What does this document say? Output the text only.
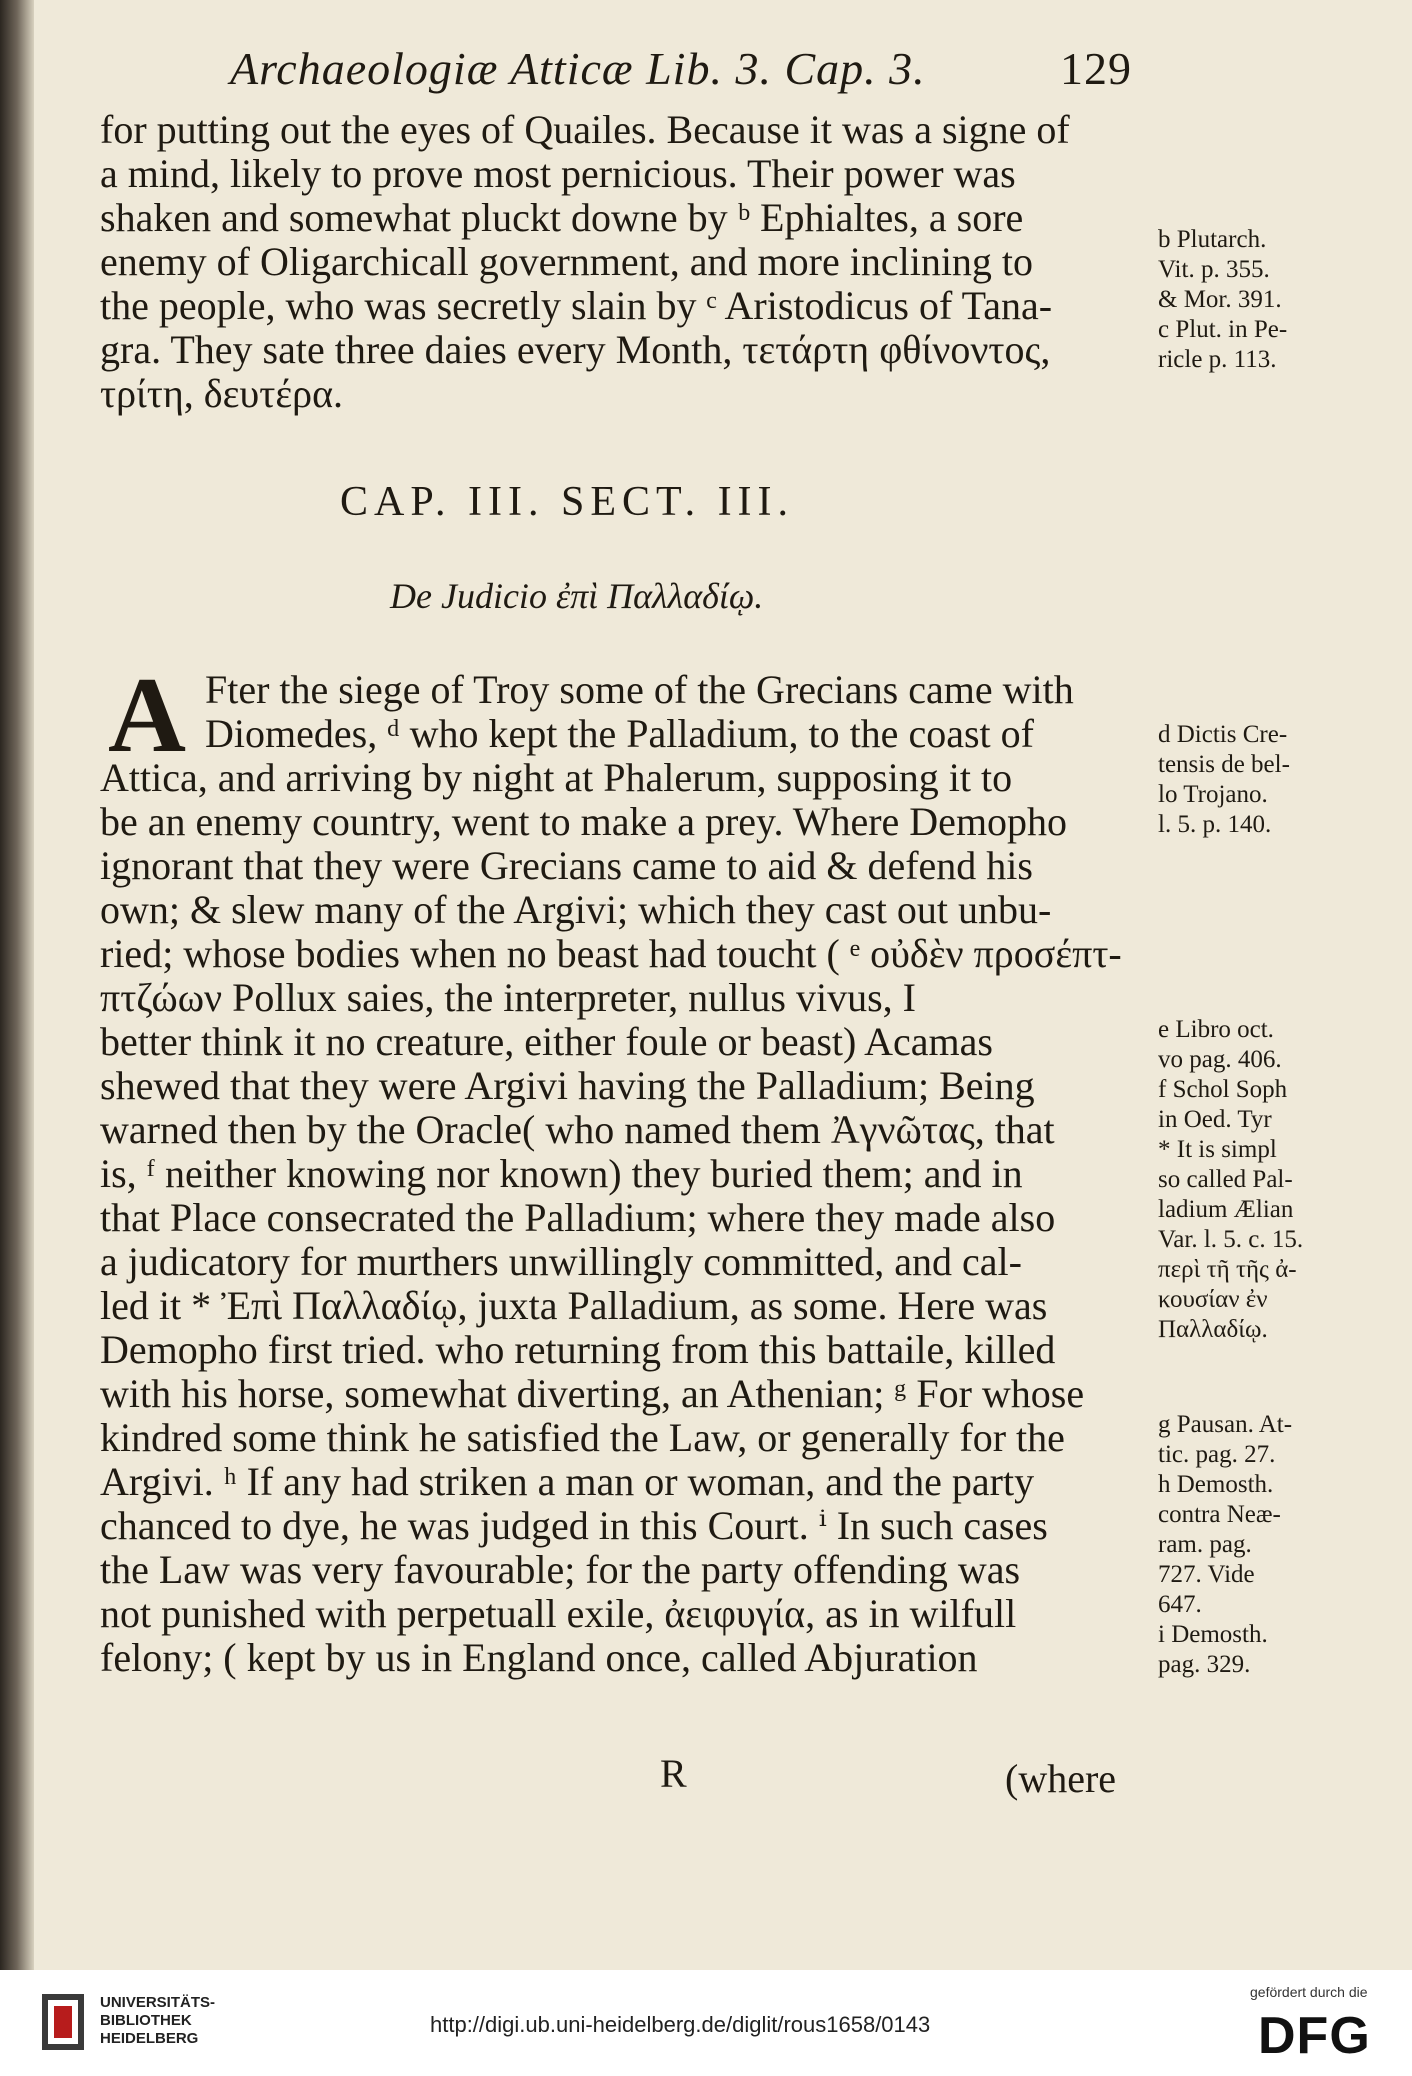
Archaeologiæ Atticæ Lib. 3. Cap. 3.	129
for putting out the eyes of Quailes. Because it was a signe of
a mind, likely to prove most pernicious. Their power was
shaken and somewhat pluckt downe by ᵇ Ephialtes, a sore
enemy of Oligarchicall government, and more inclining to
the people, who was secretly slain by ᶜ Aristodicus of Tana-
gra. They sate three daies every Month, τετάρτη φθίνοντος,
τρίτη, δευτέρα.
CAP. III. SECT. III.
De Judicio ἐπὶ Παλλαδίῳ.
A Fter the siege of Troy some of the Grecians came with
Diomedes, ᵈ who kept the Palladium, to the coast of
Attica, and arriving by night at Phalerum, supposing it to
be an enemy country, went to make a prey. Where Demopho
ignorant that they were Grecians came to aid & defend his
own; & slew many of the Argivi; which they cast out unbu-
ried; whose bodies when no beast had toucht ( ᵉ οὐδὲν προσέπτ-
πτζώων Pollux saies, the interpreter, nullus vivus, I
better think it no creature, either foule or beast) Acamas
shewed that they were Argivi having the Palladium; Being
warned then by the Oracle( who named them Ἀγνῶτας, that
is, ᶠ neither knowing nor known) they buried them; and in
that Place consecrated the Palladium; where they made also
a judicatory for murthers unwillingly committed, and cal-
led it * Ἐπὶ Παλλαδίῳ, juxta Palladium, as some. Here was
Demopho first tried. who returning from this battaile, killed
with his horse, somewhat diverting, an Athenian; ᵍ For whose
kindred some think he satisfied the Law, or generally for the
Argivi. ʰ If any had striken a man or woman, and the party
chanced to dye, he was judged in this Court. ⁱ In such cases
the Law was very favourable; for the party offending was
not punished with perpetuall exile, ἀειφυγία, as in wilfull
felony; ( kept by us in England once, called Abjuration
b Plutarch.
Vit. p. 355.
& Mor. 391.
c Plut. in Pe-
ricle p. 113.
d Dictis Cre-
tensis de bel-
lo Trojano.
l. 5. p. 140.
e Libro oct.
vo pag. 406.
f Schol Soph
in Oed. Tyr
* It is simpl
so called Pal-
ladium Ælian
Var. l. 5. c. 15.
περὶ τῆ τῆς ἀ-
κουσίαν ἐν
Παλλαδίῳ.
g Pausan. At-
tic. pag. 27.
h Demosth.
contra Neæ-
ram. pag.
727. Vide
647.
i Demosth.
pag. 329.
R	(where
UNIVERSITÄTS-
BIBLIOTHEK
HEIDELBERG
http://digi.ub.uni-heidelberg.de/diglit/rous1658/0143
gefördert durch die
DFG
